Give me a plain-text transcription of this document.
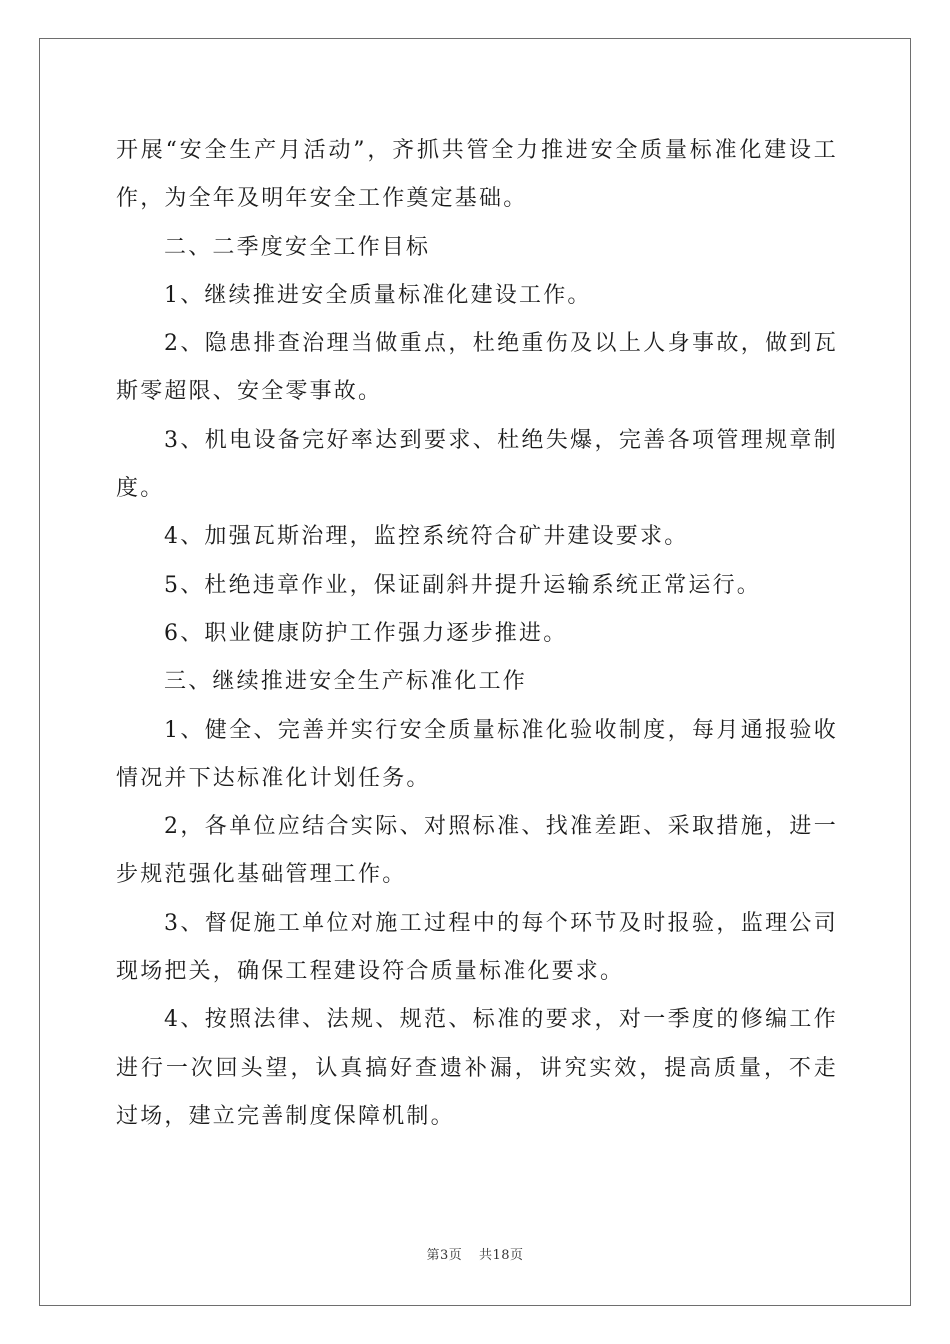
开展“安全生产月活动”，齐抓共管全力推进安全质量标准化建设工作，为全年及明年安全工作奠定基础。

二、二季度安全工作目标

1、继续推进安全质量标准化建设工作。

2、隐患排查治理当做重点，杜绝重伤及以上人身事故，做到瓦斯零超限、安全零事故。

3、机电设备完好率达到要求、杜绝失爆，完善各项管理规章制度。

4、加强瓦斯治理，监控系统符合矿井建设要求。

5、杜绝违章作业，保证副斜井提升运输系统正常运行。

6、职业健康防护工作强力逐步推进。

三、继续推进安全生产标准化工作

1、健全、完善并实行安全质量标准化验收制度，每月通报验收情况并下达标准化计划任务。

2，各单位应结合实际、对照标准、找准差距、采取措施，进一步规范强化基础管理工作。

3、督促施工单位对施工过程中的每个环节及时报验，监理公司现场把关，确保工程建设符合质量标准化要求。

4、按照法律、法规、规范、标准的要求，对一季度的修编工作进行一次回头望，认真搞好查遗补漏，讲究实效，提高质量，不走过场，建立完善制度保障机制。

第3页 共18页
